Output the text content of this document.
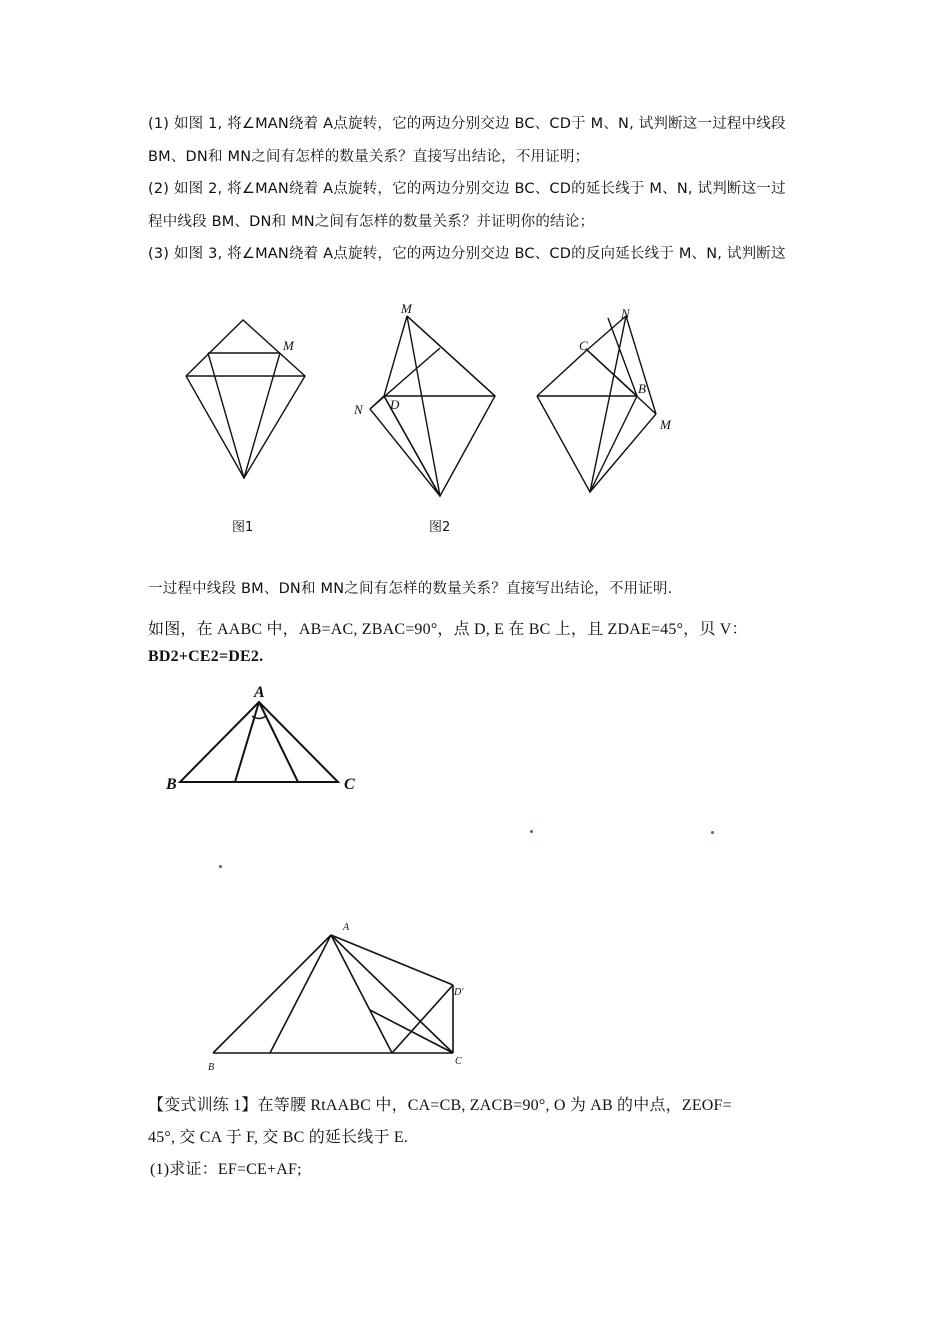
(1) 如图 1, 将∠MAN绕着 A点旋转，它的两边分别交边 BC、CD于 M、N, 试判断这一过程中线段
BM、DN和 MN之间有怎样的数量关系？直接写出结论，不用证明；
(2) 如图 2, 将∠MAN绕着 A点旋转，它的两边分别交边 BC、CD的延长线于 M、N, 试判断这一过
程中线段 BM、DN和 MN之间有怎样的数量关系？并证明你的结论；
(3) 如图 3, 将∠MAN绕着 A点旋转，它的两边分别交边 BC、CD的反向延长线于 M、N, 试判断这
M
图1
M
N D
图2
N
C
B
M
一过程中线段 BM、DN和 MN之间有怎样的数量关系？直接写出结论，不用证明.
如图，在 AABC 中，AB=AC, ZBAC=90°，点 D, E 在 BC 上，且 ZDAE=45°，贝 V：
BD2+CE2=DE2.
A
B	C
A
B
C
D'
【变式训练 1】在等腰 RtAABC 中，CA=CB, ZACB=90°, O 为 AB 的中点，ZEOF=
45°, 交 CA 于 F, 交 BC 的延长线于 E.
(1)求证：EF=CE+AF;
